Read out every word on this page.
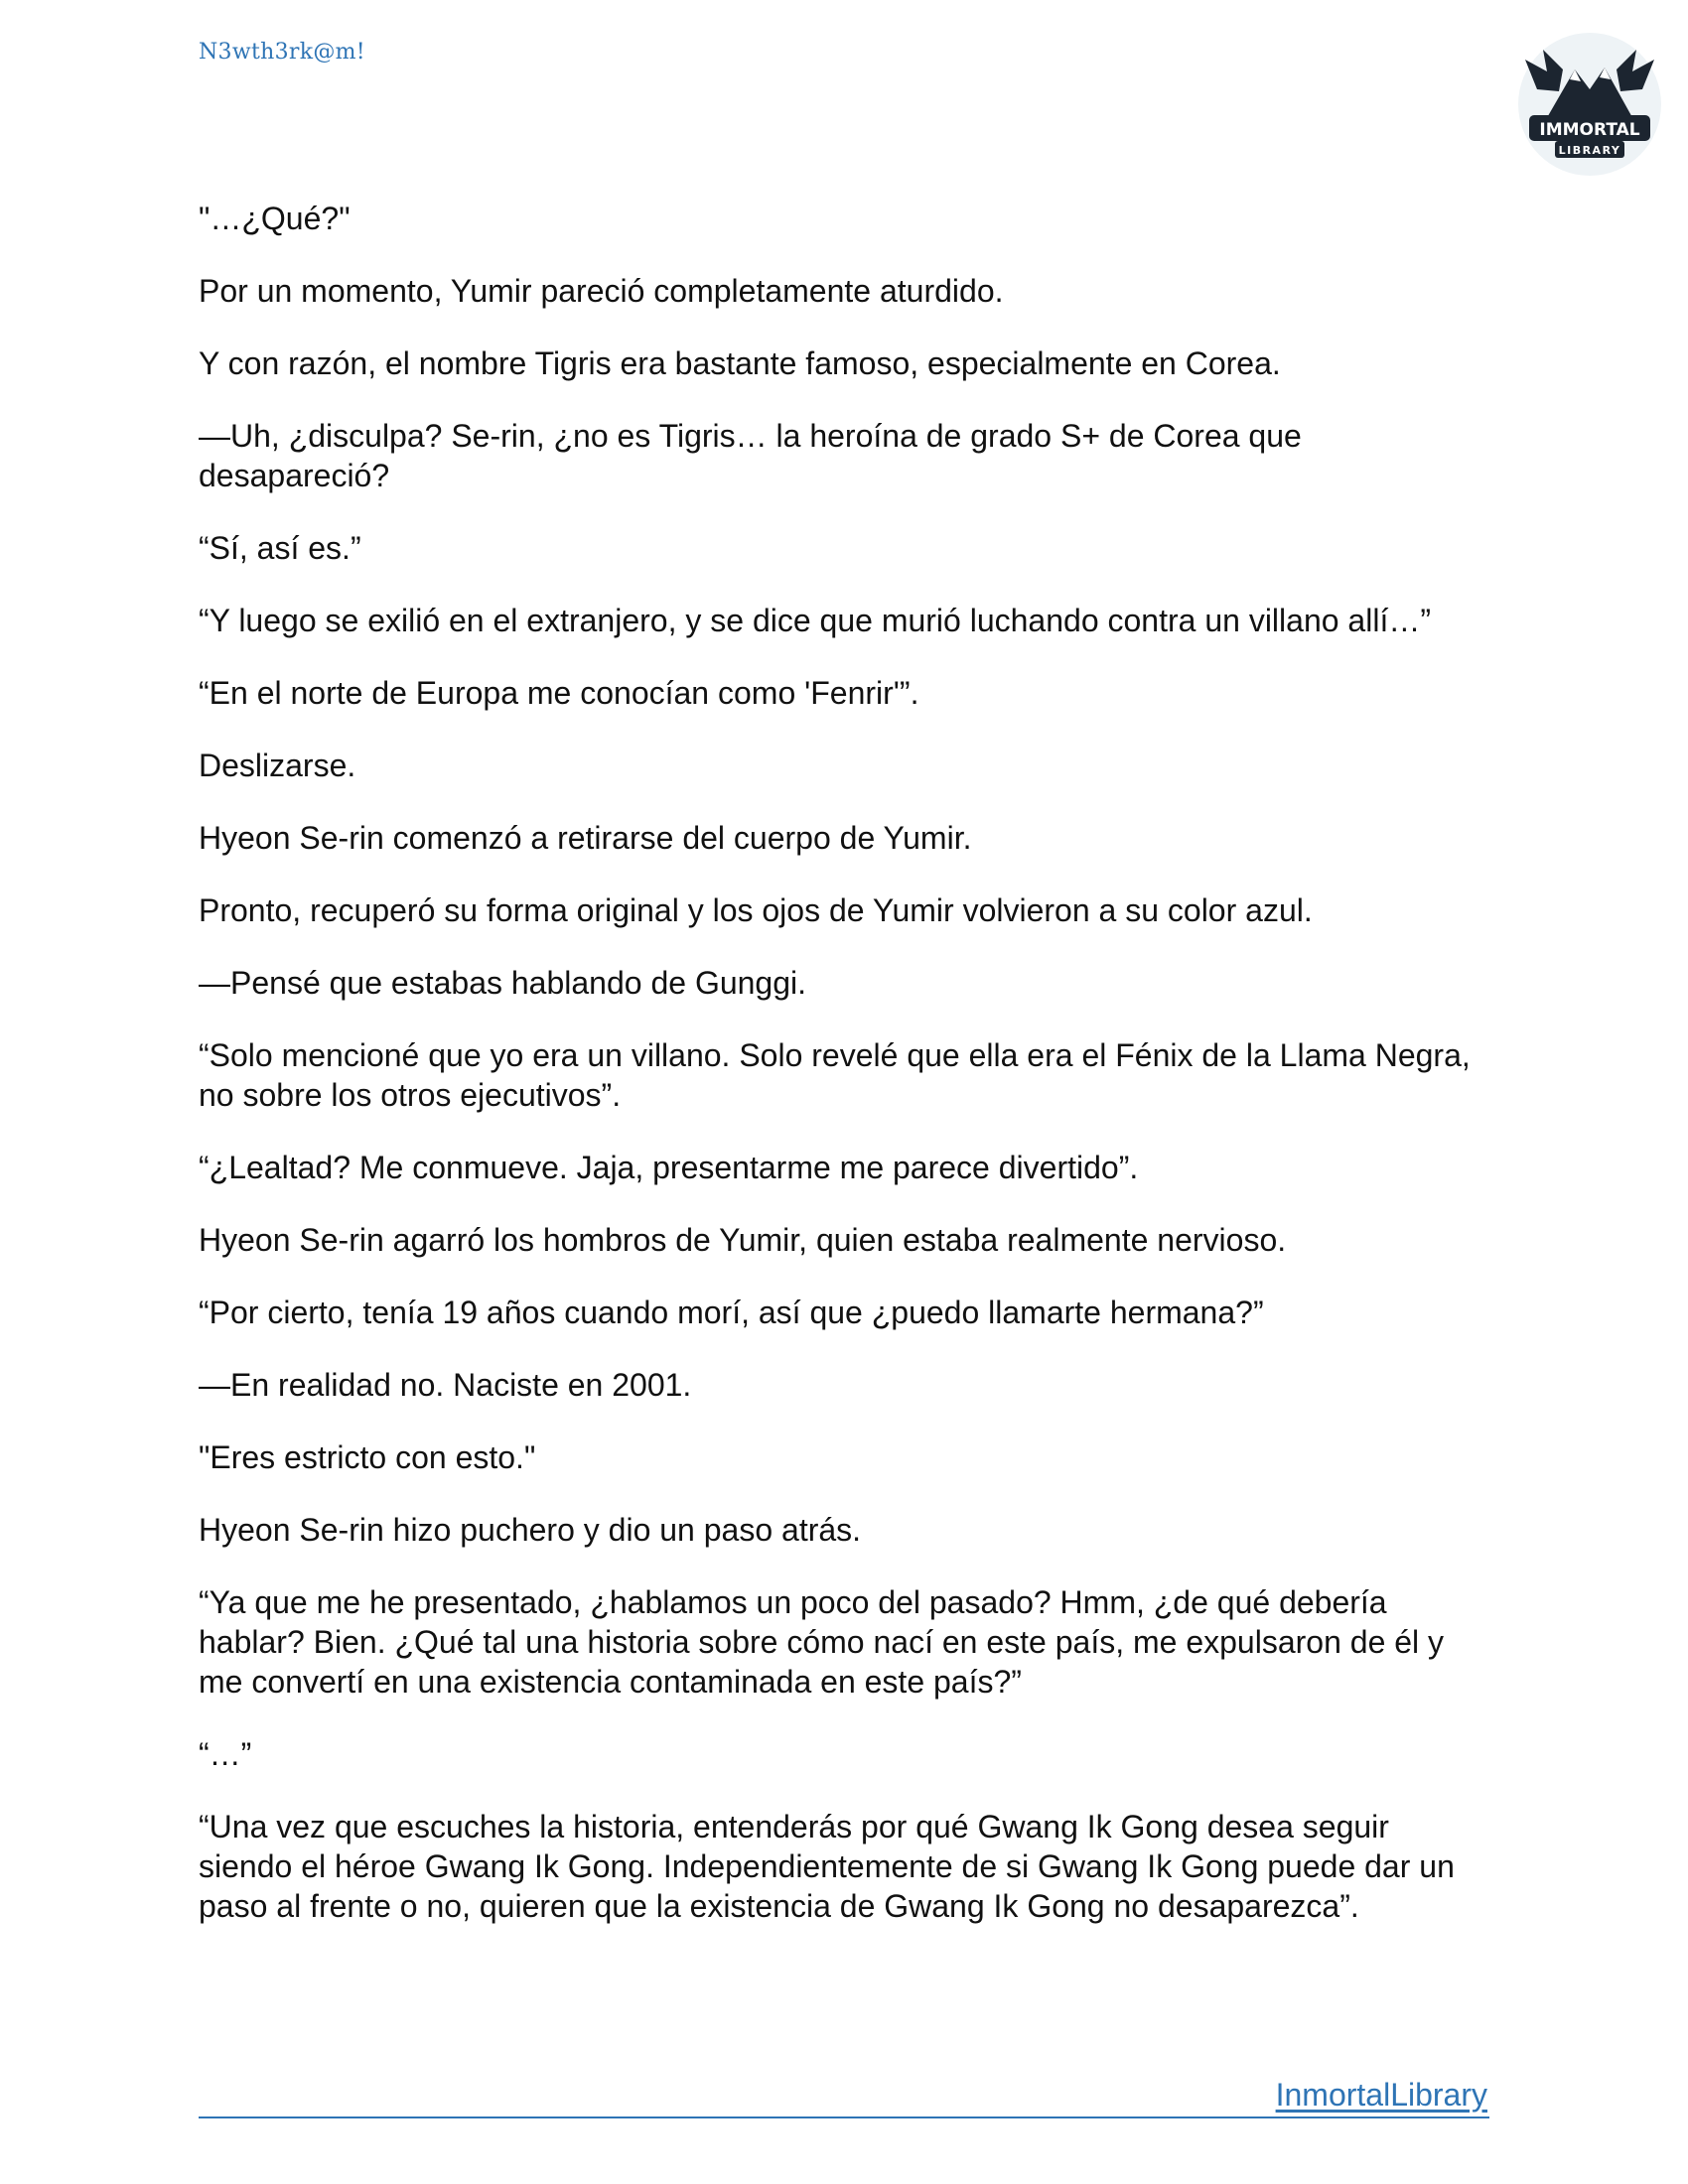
N3wth3rk@m!
IMMORTAL
LIBRARY

"…¿Qué?"

Por un momento, Yumir pareció completamente aturdido.

Y con razón, el nombre Tigris era bastante famoso, especialmente en Corea.

—Uh, ¿disculpa? Se-rin, ¿no es Tigris… la heroína de grado S+ de Corea que desapareció?

“Sí, así es.”

“Y luego se exilió en el extranjero, y se dice que murió luchando contra un villano allí…”

“En el norte de Europa me conocían como 'Fenrir'”.

Deslizarse.

Hyeon Se-rin comenzó a retirarse del cuerpo de Yumir.

Pronto, recuperó su forma original y los ojos de Yumir volvieron a su color azul.

—Pensé que estabas hablando de Gunggi.

“Solo mencioné que yo era un villano. Solo revelé que ella era el Fénix de la Llama Negra, no sobre los otros ejecutivos”.

“¿Lealtad? Me conmueve. Jaja, presentarme me parece divertido”.

Hyeon Se-rin agarró los hombros de Yumir, quien estaba realmente nervioso.

“Por cierto, tenía 19 años cuando morí, así que ¿puedo llamarte hermana?”

—En realidad no. Naciste en 2001.

"Eres estricto con esto."

Hyeon Se-rin hizo puchero y dio un paso atrás.

“Ya que me he presentado, ¿hablamos un poco del pasado? Hmm, ¿de qué debería hablar? Bien. ¿Qué tal una historia sobre cómo nací en este país, me expulsaron de él y me convertí en una existencia contaminada en este país?”

“…”

“Una vez que escuches la historia, entenderás por qué Gwang Ik Gong desea seguir siendo el héroe Gwang Ik Gong. Independientemente de si Gwang Ik Gong puede dar un paso al frente o no, quieren que la existencia de Gwang Ik Gong no desaparezca”.

InmortalLibrary
